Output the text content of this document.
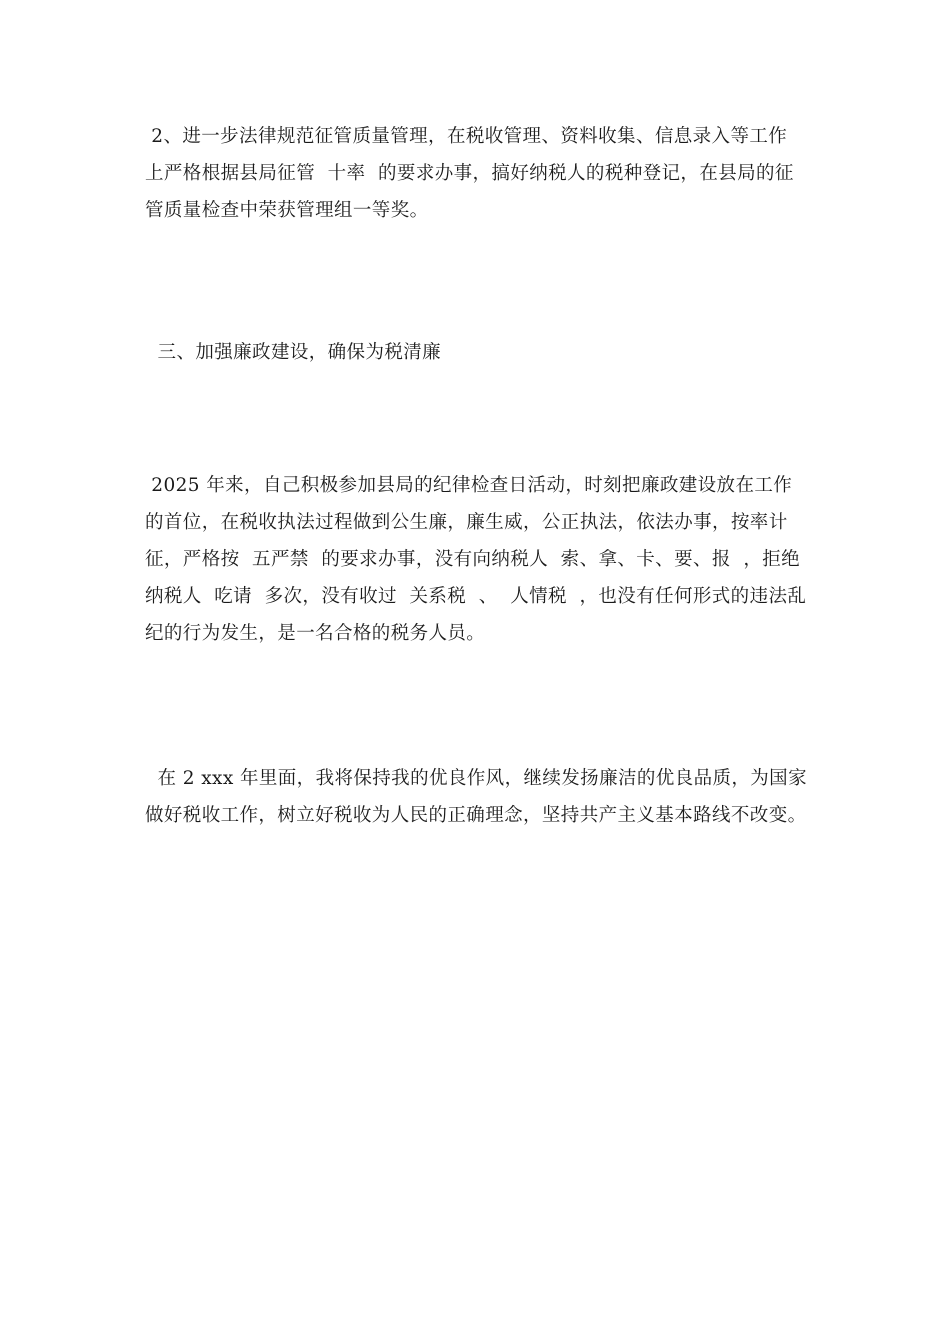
2、进一步法律规范征管质量管理，在税收管理、资料收集、信息录入等工作
上严格根据县局征管  十率  的要求办事，搞好纳税人的税种登记，在县局的征
管质量检查中荣获管理组一等奖。
三、加强廉政建设，确保为税清廉
2025 年来，自己积极参加县局的纪律检查日活动，时刻把廉政建设放在工作
的首位，在税收执法过程做到公生廉，廉生威，公正执法，依法办事，按率计
征，严格按  五严禁  的要求办事，没有向纳税人  索、拿、卡、要、报  ，拒绝
纳税人  吃请  多次，没有收过  关系税  、  人情税  ，也没有任何形式的违法乱
纪的行为发生，是一名合格的税务人员。
在 2 xxx 年里面，我将保持我的优良作风，继续发扬廉洁的优良品质，为国家
做好税收工作，树立好税收为人民的正确理念，坚持共产主义基本路线不改变。
